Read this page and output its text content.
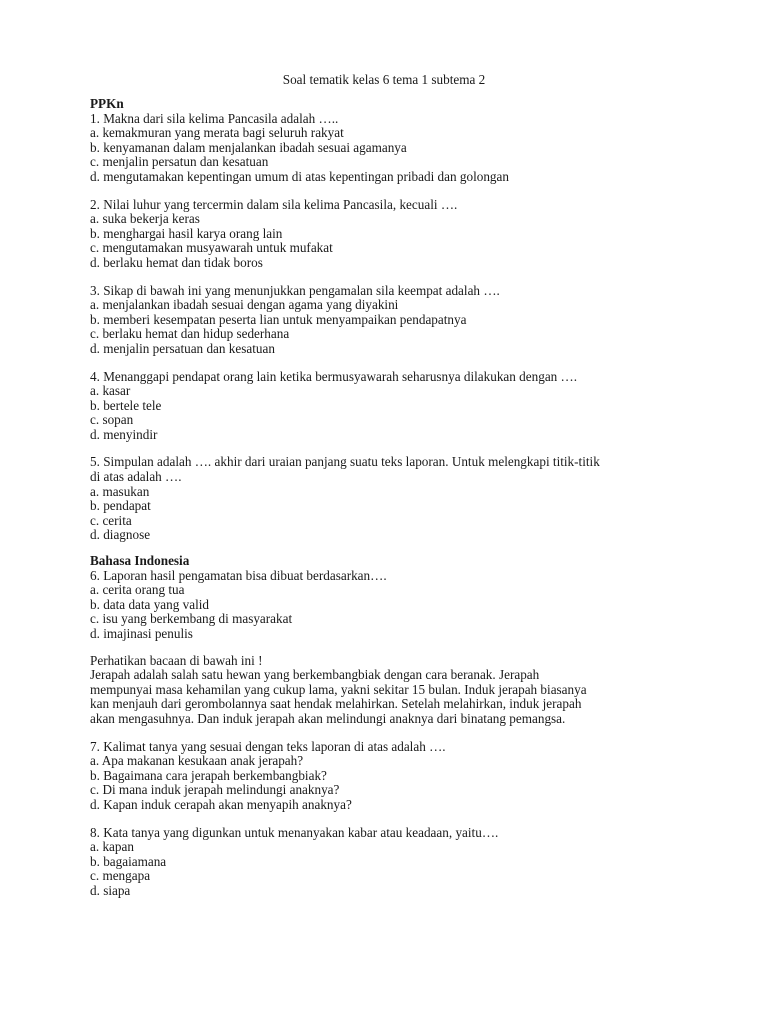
Soal tematik kelas 6 tema 1 subtema 2
PPKn
1. Makna dari sila kelima Pancasila adalah …..
a. kemakmuran yang merata bagi seluruh rakyat
b. kenyamanan dalam menjalankan ibadah sesuai agamanya
c. menjalin persatun dan kesatuan
d. mengutamakan kepentingan umum di atas kepentingan pribadi dan golongan
2. Nilai luhur yang tercermin dalam sila kelima Pancasila, kecuali ….
a. suka bekerja keras
b. menghargai hasil karya orang lain
c. mengutamakan musyawarah untuk mufakat
d. berlaku hemat dan tidak boros
3. Sikap di bawah ini yang menunjukkan pengamalan sila keempat adalah ….
a. menjalankan ibadah sesuai dengan agama yang diyakini
b. memberi kesempatan peserta lian untuk menyampaikan pendapatnya
c. berlaku hemat dan hidup sederhana
d. menjalin persatuan dan kesatuan
4. Menanggapi pendapat orang lain ketika bermusyawarah seharusnya dilakukan dengan ….
a. kasar
b. bertele tele
c. sopan
d. menyindir
5. Simpulan adalah …. akhir dari uraian panjang suatu teks laporan. Untuk melengkapi titik-titik
di atas adalah ….
a. masukan
b. pendapat
c. cerita
d. diagnose
Bahasa Indonesia
6. Laporan hasil pengamatan bisa dibuat berdasarkan….
a. cerita orang tua
b. data data yang valid
c. isu yang berkembang di masyarakat
d. imajinasi penulis
Perhatikan bacaan di bawah ini !
Jerapah adalah salah satu hewan yang berkembangbiak dengan cara beranak. Jerapah
mempunyai masa kehamilan yang cukup lama, yakni sekitar 15 bulan. Induk jerapah biasanya
kan menjauh dari gerombolannya saat hendak melahirkan. Setelah melahirkan, induk jerapah
akan mengasuhnya. Dan induk jerapah akan melindungi anaknya dari binatang pemangsa.
7. Kalimat tanya yang sesuai dengan teks laporan di atas adalah ….
a. Apa makanan kesukaan anak jerapah?
b. Bagaimana cara jerapah berkembangbiak?
c. Di mana induk jerapah melindungi anaknya?
d. Kapan induk cerapah akan menyapih anaknya?
8. Kata tanya yang digunkan untuk menanyakan kabar atau keadaan, yaitu….
a. kapan
b. bagaiamana
c. mengapa
d. siapa
